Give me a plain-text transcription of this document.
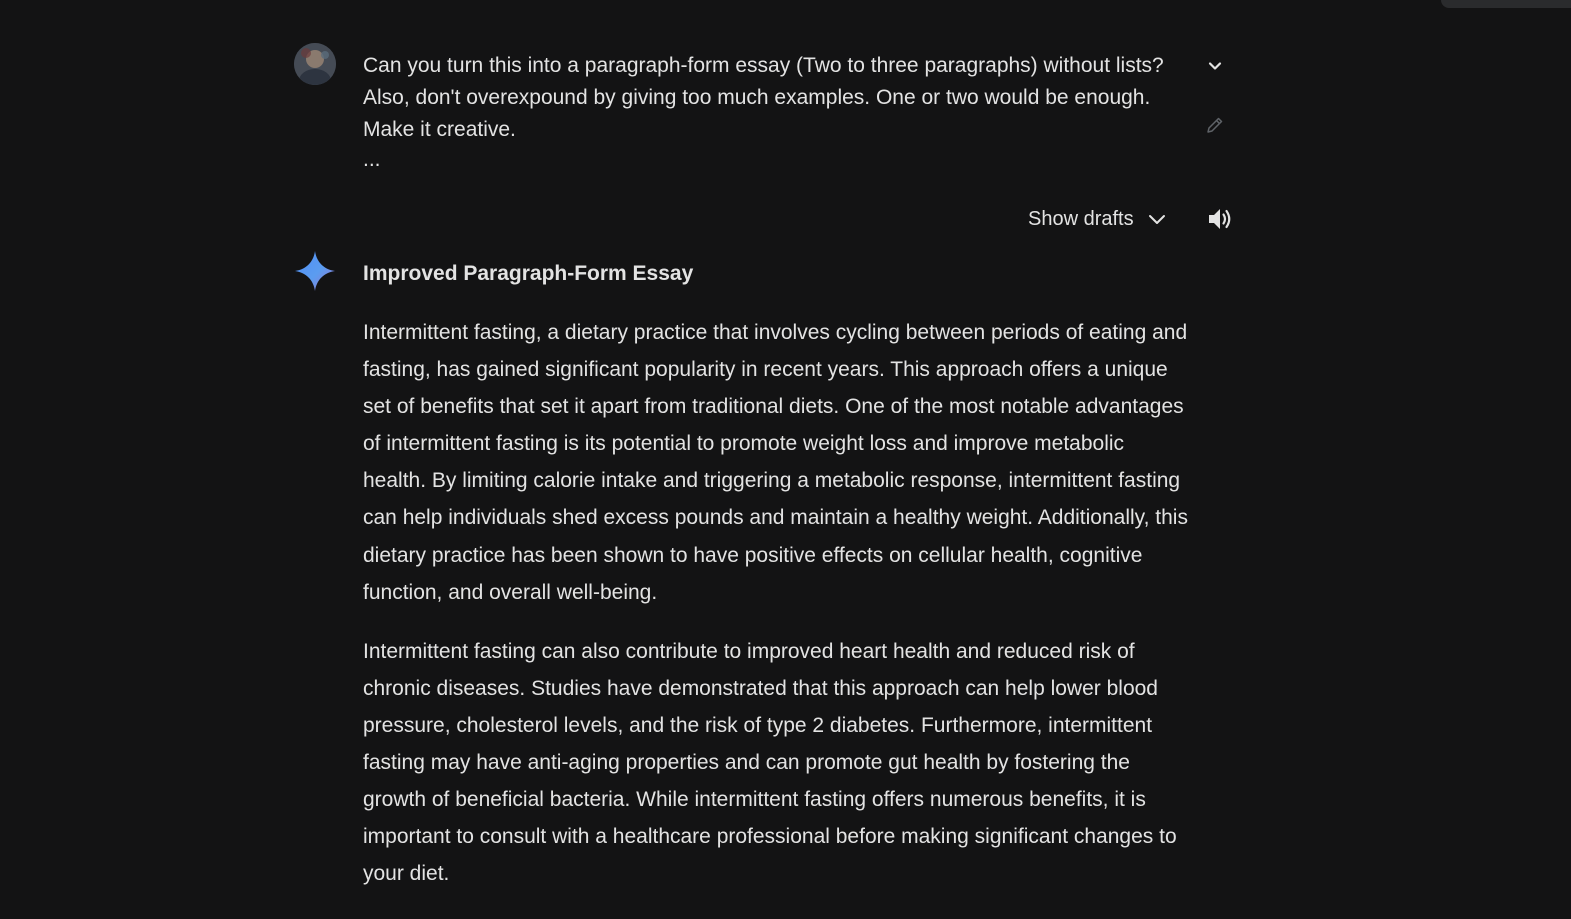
Can you turn this into a paragraph-form essay (Two to three paragraphs) without lists? Also, don't overexpound by giving too much examples. One or two would be enough. Make it creative.

...
Show drafts
Improved Paragraph-Form Essay

Intermittent fasting, a dietary practice that involves cycling between periods of eating and fasting, has gained significant popularity in recent years. This approach offers a unique set of benefits that set it apart from traditional diets. One of the most notable advantages of intermittent fasting is its potential to promote weight loss and improve metabolic health. By limiting calorie intake and triggering a metabolic response, intermittent fasting can help individuals shed excess pounds and maintain a healthy weight. Additionally, this dietary practice has been shown to have positive effects on cellular health, cognitive function, and overall well-being.

Intermittent fasting can also contribute to improved heart health and reduced risk of chronic diseases. Studies have demonstrated that this approach can help lower blood pressure, cholesterol levels, and the risk of type 2 diabetes. Furthermore, intermittent fasting may have anti-aging properties and can promote gut health by fostering the growth of beneficial bacteria. While intermittent fasting offers numerous benefits, it is important to consult with a healthcare professional before making significant changes to your diet.
